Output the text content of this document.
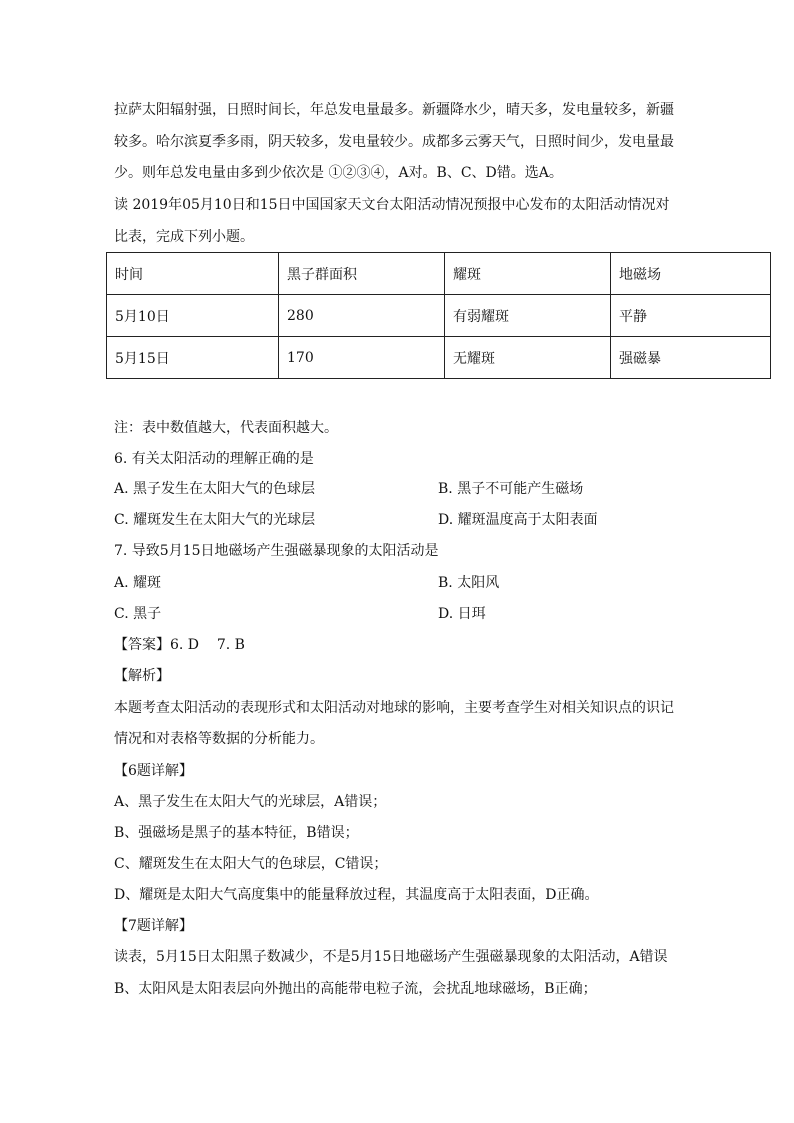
拉萨太阳辐射强，日照时间长，年总发电量最多。新疆降水少，晴天多，发电量较多，新疆
较多。哈尔滨夏季多雨，阴天较多，发电量较少。成都多云雾天气，日照时间少，发电量最
少。则年总发电量由多到少依次是 ①②③④，A对。B、C、D错。选A。
读 2019年05月10日和15日中国国家天文台太阳活动情况预报中心发布的太阳活动情况对
比表，完成下列小题。
时间	黑子群面积	耀斑	地磁场
5月10日	280	有弱耀斑	平静
5月15日	170	无耀斑	强磁暴
注：表中数值越大，代表面积越大。
6. 有关太阳活动的理解正确的是
A. 黑子发生在太阳大气的色球层	B. 黑子不可能产生磁场
C. 耀斑发生在太阳大气的光球层	D. 耀斑温度高于太阳表面
7. 导致5月15日地磁场产生强磁暴现象的太阳活动是
A. 耀斑	B. 太阳风
C. 黑子	D. 日珥
【答案】6. D    7. B
【解析】
本题考查太阳活动的表现形式和太阳活动对地球的影响，主要考查学生对相关知识点的识记
情况和对表格等数据的分析能力。
【6题详解】
A、黑子发生在太阳大气的光球层，A错误；
B、强磁场是黑子的基本特征，B错误；
C、耀斑发生在太阳大气的色球层，C错误；
D、耀斑是太阳大气高度集中的能量释放过程，其温度高于太阳表面，D正确。
【7题详解】
读表，5月15日太阳黑子数减少，不是5月15日地磁场产生强磁暴现象的太阳活动，A错误
B、太阳风是太阳表层向外抛出的高能带电粒子流，会扰乱地球磁场，B正确；
